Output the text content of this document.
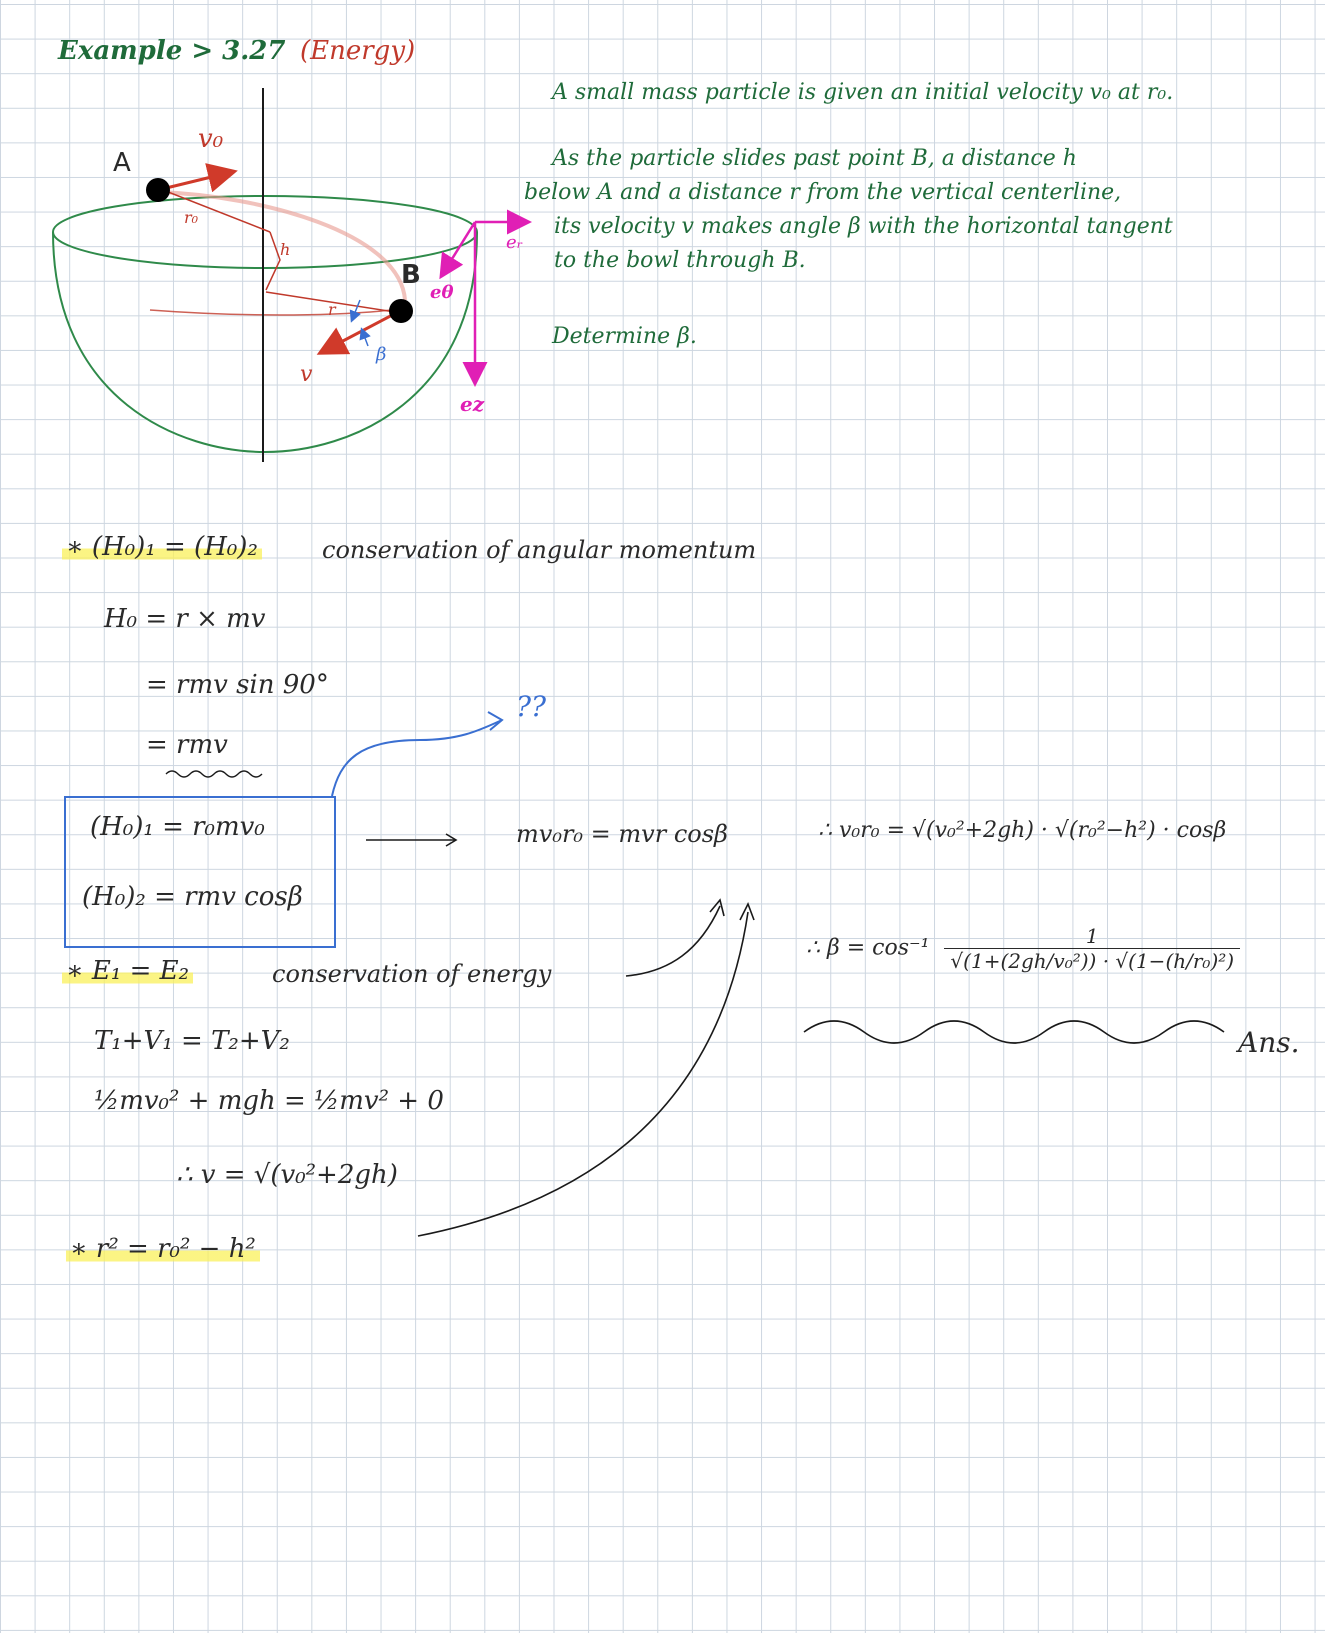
Example > 3.27 (Energy)
A small mass particle is given an initial velocity v₀ at r₀.
As the particle slides past point B, a distance h
below A and a distance r from the vertical centerline,
its velocity v makes angle β with the horizontal tangent
to the bowl through B.
Determine β.
A
B
v₀
r₀
h
r
β
v
eᵣ
eθ
ez
∗ (H₀)₁ = (H₀)₂	conservation of angular momentum
H₀ = r × mv
= rmv sin 90°
= rmv
??
(H₀)₁ = r₀mv₀
(H₀)₂ = rmv cosβ
mv₀r₀ = mvr cosβ
∗ E₁ = E₂	conservation of energy
T₁+V₁ = T₂+V₂
½mv₀² + mgh = ½mv² + 0
∴ v = √(v₀²+2gh)
∗ r² = r₀² − h²
∴ v₀r₀ = √(v₀²+2gh) · √(r₀²−h²) · cosβ
∴ $\beta = \cos^{-1} \frac{1}{\text{√(1+(2gh/v₀²)) · √(1−(h/r₀)²)}}$
Ans.
